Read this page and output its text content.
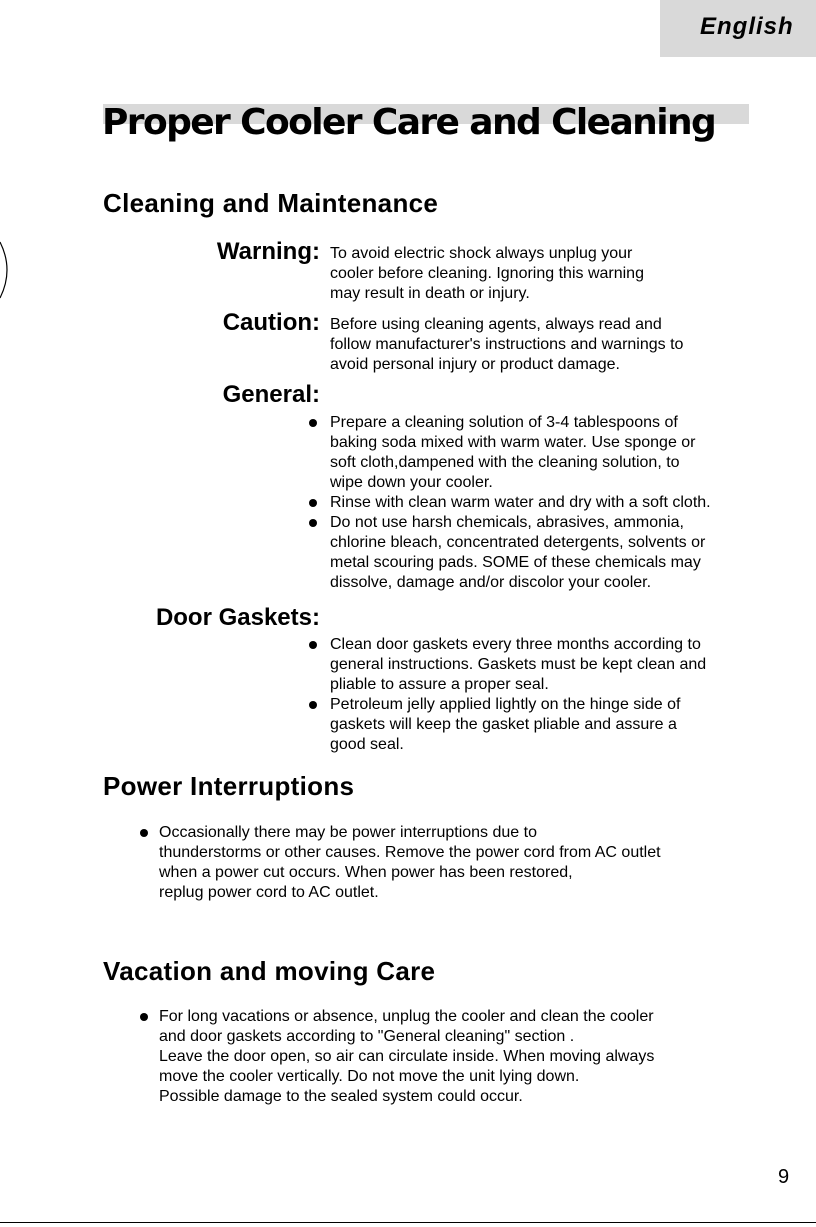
English
Proper Cooler Care and Cleaning
Cleaning and Maintenance
Warning: To avoid electric shock always unplug your
cooler before cleaning. Ignoring this warning
may result in death or injury.
Caution: Before using cleaning agents, always read and
follow manufacturer's instructions and warnings to
avoid personal injury or product damage.
General:
Prepare a cleaning solution of 3-4 tablespoons of
baking soda mixed with warm water. Use sponge or
soft cloth,dampened with the cleaning solution, to
wipe down your cooler.
Rinse with clean warm water and dry with a soft cloth.
Do not use harsh chemicals, abrasives, ammonia,
chlorine bleach, concentrated detergents, solvents or
metal scouring pads. SOME of these chemicals may
dissolve, damage and/or discolor your cooler.
Door Gaskets:
Clean door gaskets every three months according to
general instructions. Gaskets must be kept clean and
pliable to assure a proper seal.
Petroleum jelly applied lightly on the hinge side of
gaskets will keep the gasket pliable and assure a
good seal.
Power Interruptions
Occasionally there may be power interruptions due to
thunderstorms or other causes. Remove the power cord from AC outlet
when a power cut occurs. When power has been restored,
replug power cord to AC outlet.
Vacation and moving Care
For long vacations or absence, unplug the cooler and clean the cooler
and door gaskets according to "General cleaning" section .
Leave the door open, so air can circulate inside. When moving always
move the cooler vertically. Do not move the unit lying down.
Possible damage to the sealed system could occur.
9
